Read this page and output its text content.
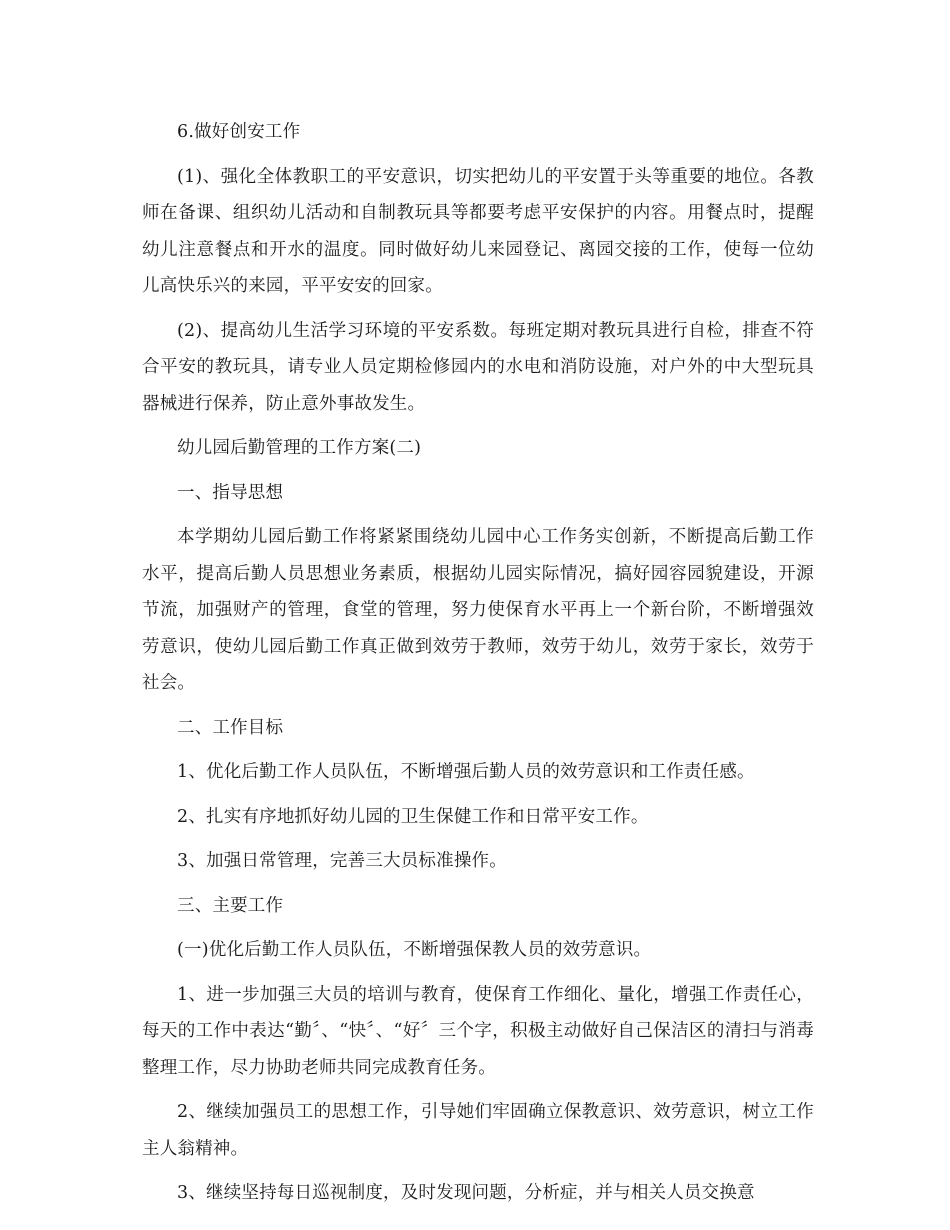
6.做好创安工作

(1)、强化全体教职工的平安意识，切实把幼儿的平安置于头等重要的地位。各教师在备课、组织幼儿活动和自制教玩具等都要考虑平安保护的内容。用餐点时，提醒幼儿注意餐点和开水的温度。同时做好幼儿来园登记、离园交接的工作，使每一位幼儿高快乐兴的来园，平平安安的回家。

(2)、提高幼儿生活学习环境的平安系数。每班定期对教玩具进行自检，排查不符合平安的教玩具，请专业人员定期检修园内的水电和消防设施，对户外的中大型玩具器械进行保养，防止意外事故发生。

幼儿园后勤管理的工作方案(二)

一、指导思想

本学期幼儿园后勤工作将紧紧围绕幼儿园中心工作务实创新，不断提高后勤工作水平，提高后勤人员思想业务素质，根据幼儿园实际情况，搞好园容园貌建设，开源节流，加强财产的管理，食堂的管理，努力使保育水平再上一个新台阶，不断增强效劳意识，使幼儿园后勤工作真正做到效劳于教师，效劳于幼儿，效劳于家长，效劳于社会。

二、工作目标

1、优化后勤工作人员队伍，不断增强后勤人员的效劳意识和工作责任感。

2、扎实有序地抓好幼儿园的卫生保健工作和日常平安工作。

3、加强日常管理，完善三大员标准操作。

三、主要工作

(一)优化后勤工作人员队伍，不断增强保教人员的效劳意识。

1、进一步加强三大员的培训与教育，使保育工作细化、量化，增强工作责任心，每天的工作中表达“勤〞、“快〞、“好〞三个字，积极主动做好自己保洁区的清扫与消毒整理工作，尽力协助老师共同完成教育任务。

2、继续加强员工的思想工作，引导她们牢固确立保教意识、效劳意识，树立工作主人翁精神。

3、继续坚持每日巡视制度，及时发现问题，分析症，并与相关人员交换意
